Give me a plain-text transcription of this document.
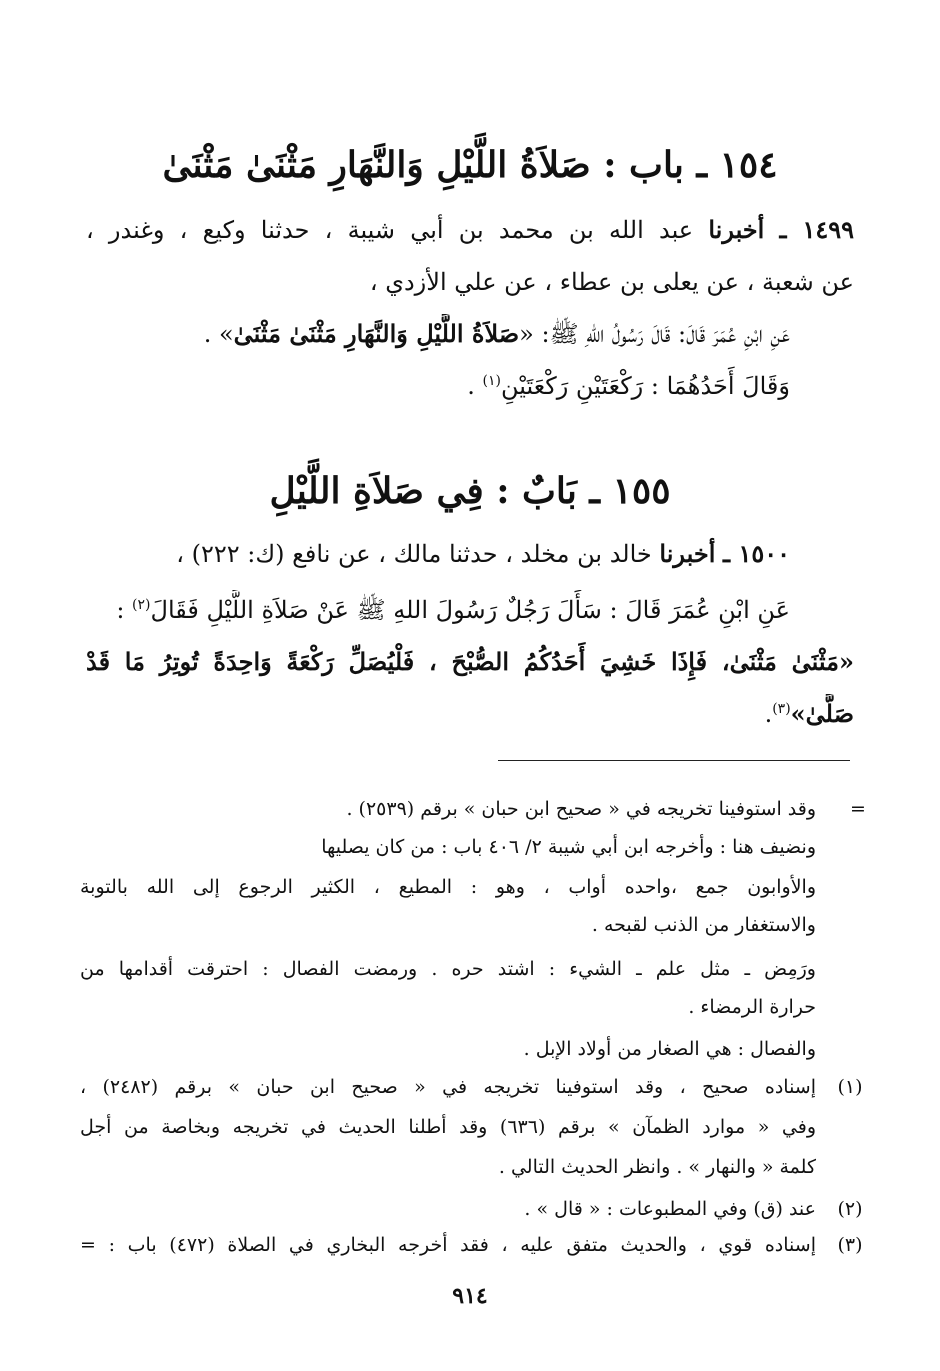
١٥٤ ـ باب : صَلاَةُ اللَّيْلِ وَالنَّهَارِ مَثْنَىٰ مَثْنَىٰ
١٤٩٩ ـ أخبرنا عبد الله بن محمد بن أبي شيبة ، حدثنا وكيع ، وغندر ،
عن شعبة ، عن يعلى بن عطاء ، عن علي الأزدي ،
عَنِ ابْنِ عُمَرَ قَالَ: قَالَ رَسُولُ اللهِ ﷺ: «صَلاَةُ اللَّيْلِ وَالنَّهَارِ مَثْنَىٰ مَثْنَىٰ» .
وَقَالَ أَحَدُهُمَا : رَكْعَتَيْنِ رَكْعَتَيْنِ$^{(١)}$ .
١٥٥ ـ بَابٌ : فِي صَلاَةِ اللَّيْلِ
١٥٠٠ ـ أخبرنا خالد بن مخلد ، حدثنا مالك ، عن نافع (ك: ٢٢٢) ،
عَنِ ابْنِ عُمَرَ قَالَ : سَأَلَ رَجُلٌ رَسُولَ اللهِ ﷺ عَنْ صَلاَةِ اللَّيْلِ فَقَالَ$^{(٢)}$ :
«مَثْنَىٰ مَثْنَىٰ، فَإِذَا خَشِيَ أَحَدُكُمُ الصُّبْحَ ، فَلْيُصَلِّ رَكْعَةً وَاحِدَةً تُوتِرُ مَا قَدْ
صَلَّىٰ»$^{(٣)}$.
=
وقد استوفينا تخريجه في « صحيح ابن حبان » برقم (٢٥٣٩) .
ونضيف هنا : وأخرجه ابن أبي شيبة ٢/ ٤٠٦ باب : من كان يصليها
والأوابون جمع ،واحده أواب ، وهو : المطيع ، الكثير الرجوع إلى الله بالتوبة
والاستغفار من الذنب لقبحه .
ورَمِض ـ مثل علم ـ الشيء : اشتد حره . ورمضت الفصال : احترقت أقدامها من
حرارة الرمضاء .
والفصال : هي الصغار من أولاد الإبل .
(١)
إسناده صحيح ، وقد استوفينا تخريجه في « صحيح ابن حبان » برقم (٢٤٨٢) ،
وفي « موارد الظمآن » برقم (٦٣٦) وقد أطلنا الحديث في تخريجه وبخاصة من أجل
كلمة « والنهار » . وانظر الحديث التالي .
(٢)
عند (ق) وفي المطبوعات : « قال » .
(٣)
إسناده قوي ، والحديث متفق عليه ، فقد أخرجه البخاري في الصلاة (٤٧٢) باب : =
٩١٤
